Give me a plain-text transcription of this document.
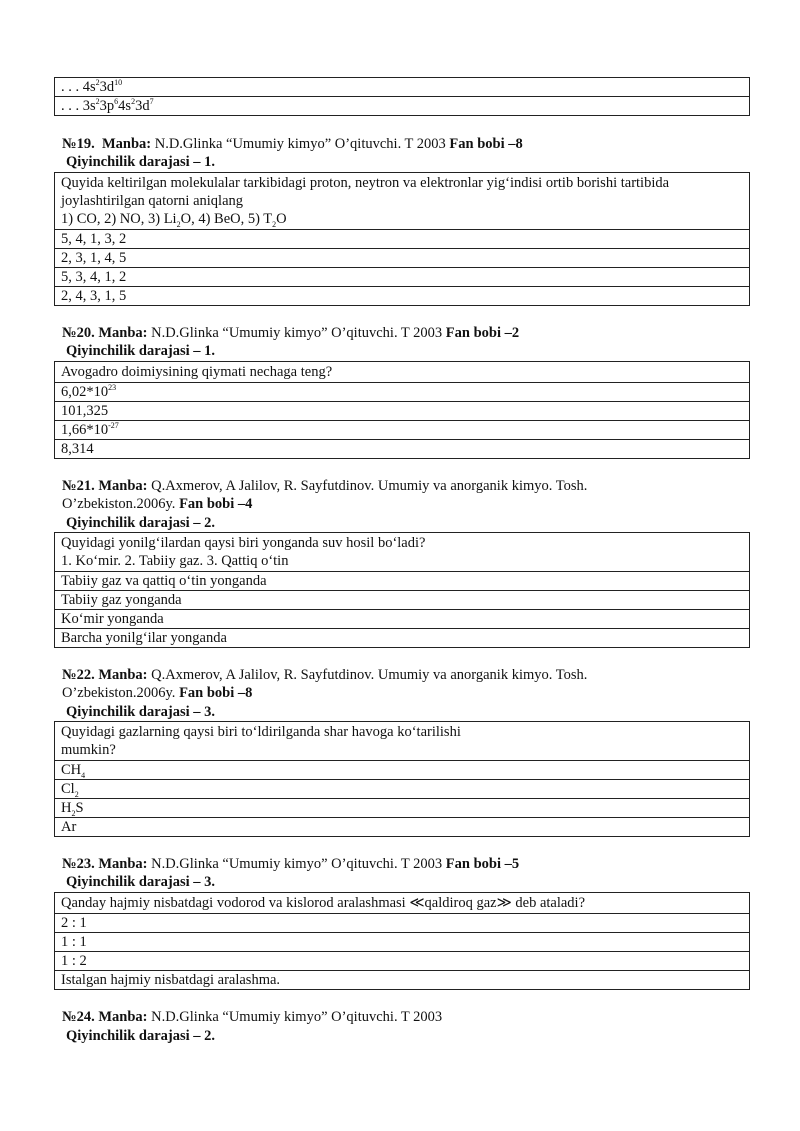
. . . $4s^23d^{10}$
. . . $3s^23p^64s^23d^7$
№19. Manba: N.D.Glinka “Umumiy kimyo” O’qituvchi. T 2003 Fan bobi –8
Qiyinchilik darajasi – 1.
Quyida keltirilgan molekulalar tarkibidagi proton, neytron va elektronlar yig‘indisi ortib borishi tartibida
joylashtirilgan qatorni aniqlang
1) CO, 2) NO, 3) $Li_2O$, 4) BeO, 5) $T_2O$
5, 4, 1, 3, 2
2, 3, 1, 4, 5
5, 3, 4, 1, 2
2, 4, 3, 1, 5
№20. Manba: N.D.Glinka “Umumiy kimyo” O’qituvchi. T 2003 Fan bobi –2
Qiyinchilik darajasi – 1.
Avogadro doimiysining qiymati nechaga teng?
$6,02*10^{23}$
101,325
$1,66*10^{-27}$
8,314
№21. Manba: Q.Axmerov, A Jalilov, R. Sayfutdinov. Umumiy va anorganik kimyo. Tosh.
O’zbekiston.2006y. Fan bobi –4
Qiyinchilik darajasi – 2.
Quyidagi yonilg‘ilardan qaysi biri yonganda suv hosil bo‘ladi?
1. Ko‘mir. 2. Tabiiy gaz. 3. Qattiq o‘tin
Tabiiy gaz va qattiq o‘tin yonganda
Tabiiy gaz yonganda
Ko‘mir yonganda
Barcha yonilg‘ilar yonganda
№22. Manba: Q.Axmerov, A Jalilov, R. Sayfutdinov. Umumiy va anorganik kimyo. Tosh.
O’zbekiston.2006y. Fan bobi –8
Qiyinchilik darajasi – 3.
Quyidagi gazlarning qaysi biri to‘ldirilganda shar havoga ko‘tarilishi
mumkin?
$CH_4$
$Cl_2$
$H_2S$
Ar
№23. Manba: N.D.Glinka “Umumiy kimyo” O’qituvchi. T 2003 Fan bobi –5
Qiyinchilik darajasi – 3.
Qanday hajmiy nisbatdagi vodorod va kislorod aralashmasi ≪qaldiroq gaz≫ deb ataladi?
2 : 1
1 : 1
1 : 2
Istalgan hajmiy nisbatdagi aralashma.
№24. Manba: N.D.Glinka “Umumiy kimyo” O’qituvchi. T 2003
Qiyinchilik darajasi – 2.
